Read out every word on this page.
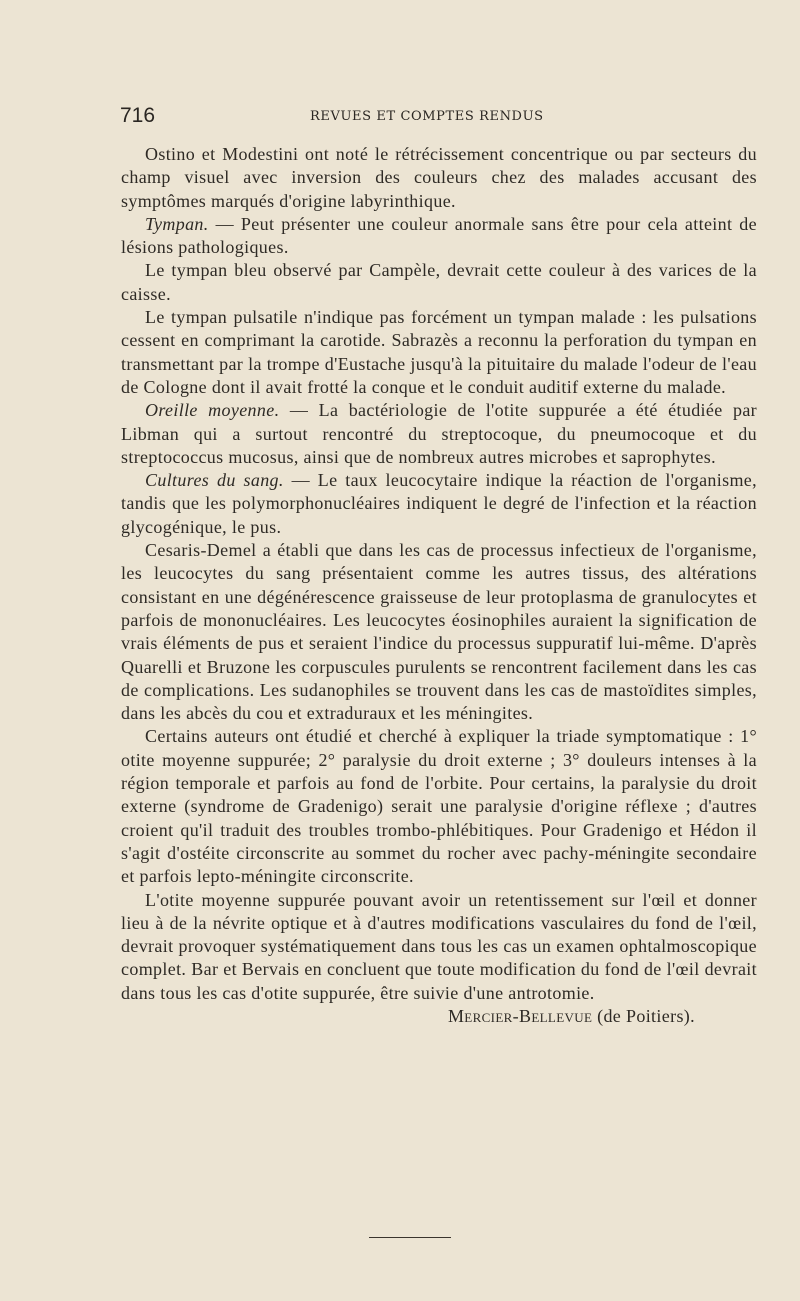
716	REVUES ET COMPTES RENDUS

Ostino et Modestini ont noté le rétrécissement concentrique ou par secteurs du champ visuel avec inversion des couleurs chez des malades accusant des symptômes marqués d'origine labyrinthique.

Tympan. — Peut présenter une couleur anormale sans être pour cela atteint de lésions pathologiques.

Le tympan bleu observé par Campèle, devrait cette couleur à des varices de la caisse.

Le tympan pulsatile n'indique pas forcément un tympan malade : les pulsations cessent en comprimant la carotide. Sabrazès a reconnu la perforation du tympan en transmettant par la trompe d'Eustache jusqu'à la pituitaire du malade l'odeur de l'eau de Cologne dont il avait frotté la conque et le conduit auditif externe du malade.

Oreille moyenne. — La bactériologie de l'otite suppurée a été étudiée par Libman qui a surtout rencontré du streptocoque, du pneumocoque et du streptococcus mucosus, ainsi que de nombreux autres microbes et saprophytes.

Cultures du sang. — Le taux leucocytaire indique la réaction de l'organisme, tandis que les polymorphonucléaires indiquent le degré de l'infection et la réaction glycogénique, le pus.

Cesaris-Demel a établi que dans les cas de processus infectieux de l'organisme, les leucocytes du sang présentaient comme les autres tissus, des altérations consistant en une dégénérescence graisseuse de leur protoplasma de granulocytes et parfois de mononucléaires. Les leucocytes éosinophiles auraient la signification de vrais éléments de pus et seraient l'indice du processus suppuratif lui-même. D'après Quarelli et Bruzone les corpuscules purulents se rencontrent facilement dans les cas de complications. Les sudanophiles se trouvent dans les cas de mastoïdites simples, dans les abcès du cou et extraduraux et les méningites.

Certains auteurs ont étudié et cherché à expliquer la triade symptomatique : 1° otite moyenne suppurée; 2° paralysie du droit externe ; 3° douleurs intenses à la région temporale et parfois au fond de l'orbite. Pour certains, la paralysie du droit externe (syndrome de Gradenigo) serait une paralysie d'origine réflexe ; d'autres croient qu'il traduit des troubles trombo-phlébitiques. Pour Gradenigo et Hédon il s'agit d'ostéite circonscrite au sommet du rocher avec pachy-méningite secondaire et parfois lepto-méningite circonscrite.

L'otite moyenne suppurée pouvant avoir un retentissement sur l'œil et donner lieu à de la névrite optique et à d'autres modifications vasculaires du fond de l'œil, devrait provoquer systématiquement dans tous les cas un examen ophtalmoscopique complet. Bar et Bervais en concluent que toute modification du fond de l'œil devrait dans tous les cas d'otite suppurée, être suivie d'une antrotomie.

Mercier-Bellevue (de Poitiers).
